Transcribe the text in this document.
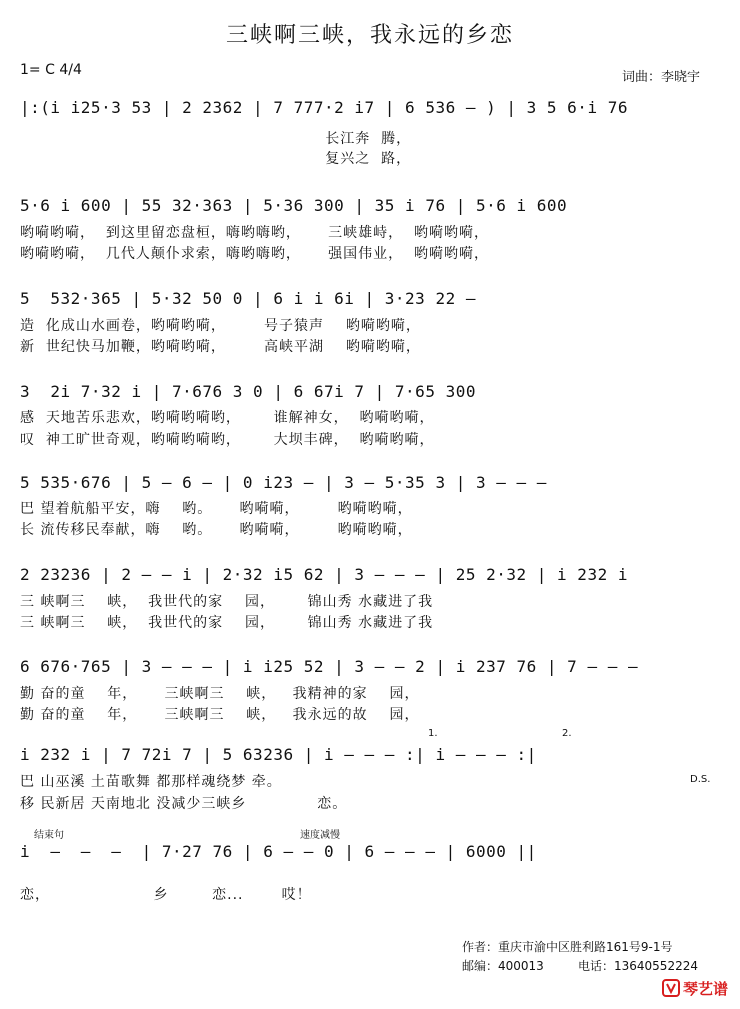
三峡啊三峡，我永远的乡恋
1= C 4/4	词曲：李晓宇
|:(i i25·3 53 | 2 2362 | 7 777·2 i7 | 6 536 – ) | 3 5 6·i 76
长江奔  腾，
复兴之  路，
5·6 i 600 | 55 32·363 | 5·36 300 | 35 i 76 | 5·6 i 600
哟嗬哟嗬，  到这里留恋盘桓，嗨哟嗨哟，     三峡雄峙，  哟嗬哟嗬，
哟嗬哟嗬，  几代人颠仆求索，嗨哟嗨哟，     强国伟业，  哟嗬哟嗬，
5  532·365 | 5·32 50 0 | 6 i i 6i | 3·23 22 –
造  化成山水画卷，哟嗬哟嗬，       号子猿声    哟嗬哟嗬，
新  世纪快马加鞭，哟嗬哟嗬，       高峡平湖    哟嗬哟嗬，
3  2i 7·32 i | 7·676 3 0 | 6 67i 7 | 7·65 300
感  天地苦乐悲欢，哟嗬哟嗬哟，      谁解神女，  哟嗬哟嗬，
叹  神工旷世奇观，哟嗬哟嗬哟，      大坝丰碑，  哟嗬哟嗬，
5 535·676 | 5 – 6 – | 0 i23 – | 3 – 5·35 3 | 3 – – –
巴 望着航船平安，嗨    哟。     哟嗬嗬，       哟嗬哟嗬，
长 流传移民奉献，嗨    哟。     哟嗬嗬，       哟嗬哟嗬，
2 23236 | 2 – – i | 2·32 i5 62 | 3 – – – | 25 2·32 | i 232 i
三 峡啊三    峡，  我世代的家    园，      锦山秀 水藏进了我
三 峡啊三    峡，  我世代的家    园，      锦山秀 水藏进了我
6 676·765 | 3 – – – | i i25 52 | 3 – – 2 | i 237 76 | 7 – – –
勤 奋的童    年，     三峡啊三    峡，   我精神的家    园，
勤 奋的童    年，     三峡啊三    峡，   我永远的故    园，
1.	2.
i 232 i | 7 72i 7 | 5 63236 | i – – – :| i – – – :|
巴 山巫溪 土苗歌舞 都那样魂绕梦 牵。
移 民新居 天南地北 没减少三峡乡             恋。
D.S.
结束句	速度减慢
i  –  –  –  | 7·27 76 | 6 – – 0 | 6 – – – | 6000 ||
恋，                   乡        恋...       哎！
作者：重庆市渝中区胜利路161号9-1号
邮编：400013	电话：13640552224
琴艺谱
